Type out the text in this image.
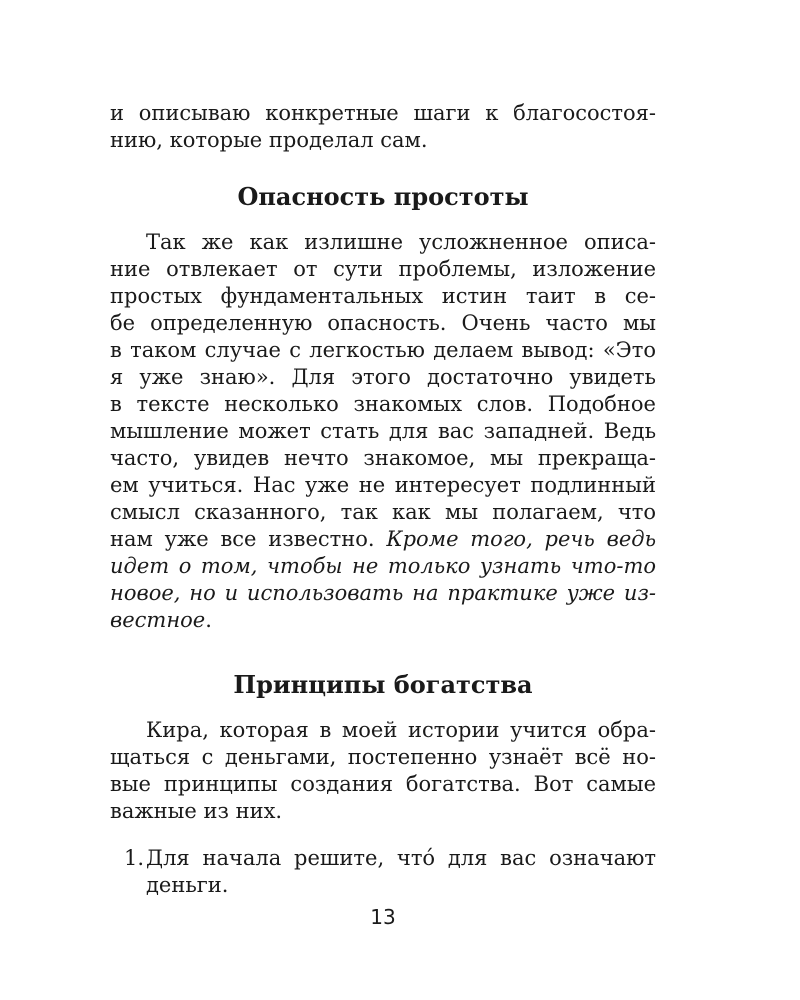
и описываю конкретные шаги к благосостоя-
нию, которые проделал сам.
Опасность простоты
Так же как излишне усложненное описа-
ние отвлекает от сути проблемы, изложение
простых фундаментальных истин таит в се-
бе определенную опасность. Очень часто мы
в таком случае с легкостью делаем вывод: «Это
я уже знаю». Для этого достаточно увидеть
в тексте несколько знакомых слов. Подобное
мышление может стать для вас западней. Ведь
часто, увидев нечто знакомое, мы прекраща-
ем учиться. Нас уже не интересует подлинный
смысл сказанного, так как мы полагаем, что
нам уже все известно. Кроме того, речь ведь
идет о том, чтобы не только узнать что-то
новое, но и использовать на практике уже из-
вестное.
Принципы богатства
Кира, которая в моей истории учится обра-
щаться с деньгами, постепенно узнаёт всё но-
вые принципы создания богатства. Вот самые
важные из них.
1. Для начала решите, чтó для вас означают
деньги.
13
